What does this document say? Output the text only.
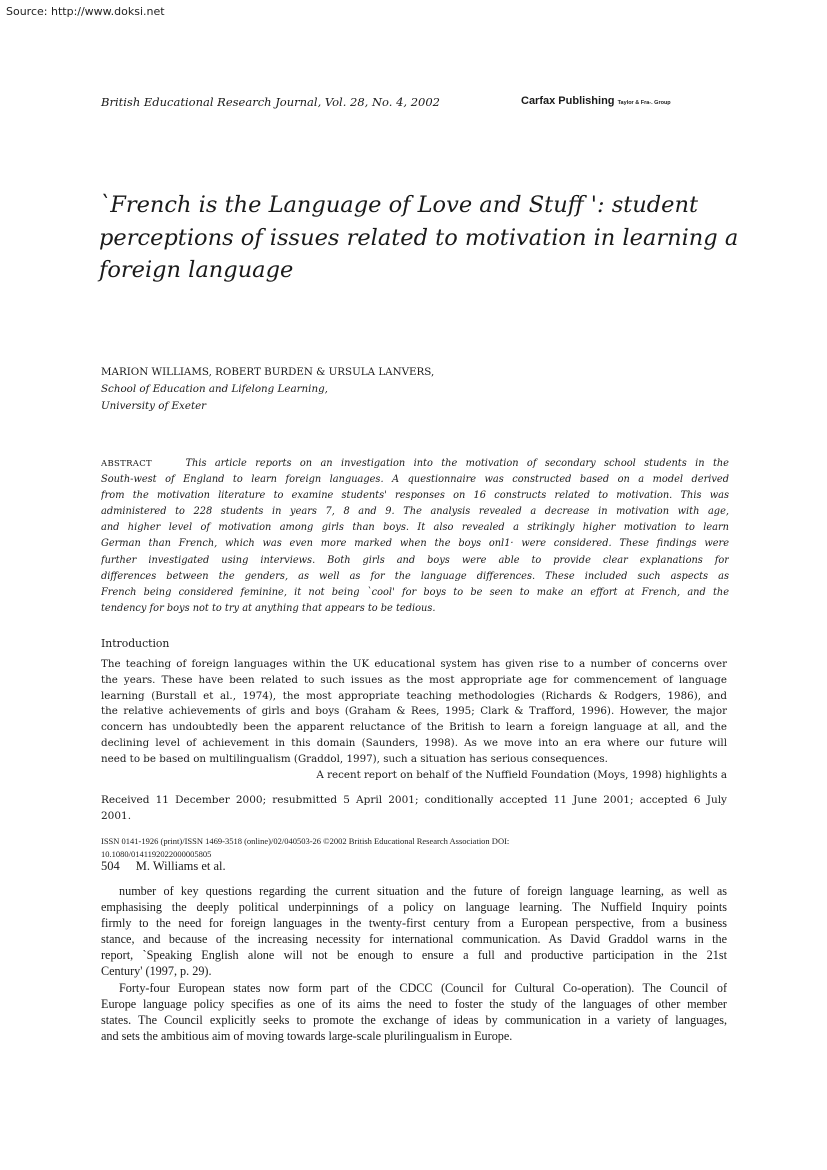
Source: http://www.doksi.net
British Educational Research Journal, Vol. 28, No. 4, 2002	Carfax Publishing Taylor & Fra-. Group
`French is the Language of Love and Stuff ': student
perceptions of issues related to motivation in learning a
foreign language
MARION WILLIAMS, ROBERT BURDEN & URSULA LANVERS,
School of Education and Lifelong Learning,
University of Exeter
ABSTRACT	This article reports on an investigation into the motivation of secondary school students in the
South-west of England to learn foreign languages. A questionnaire was constructed based on a model derived
from the motivation literature to examine students' responses on 16 constructs related to motivation. This was
administered to 228 students in years 7, 8 and 9. The analysis revealed a decrease in motivation with age,
and higher level of motivation among girls than boys. It also revealed a strikingly higher motivation to learn
German than French, which was even more marked when the boys onl1· were considered. These findings were
further investigated using interviews. Both girls and boys were able to provide clear explanations for
differences between the genders, as well as for the language differences. These included such aspects as
French being considered feminine, it not being `cool' for boys to be seen to make an effort at French, and the
tendency for boys not to try at anything that appears to be tedious.
Introduction
The teaching of foreign languages within the UK educational system has given rise to a number of concerns over
the years. These have been related to such issues as the most appropriate age for commencement of language
learning (Burstall et al., 1974), the most appropriate teaching methodologies (Richards & Rodgers, 1986), and
the relative achievements of girls and boys (Graham & Rees, 1995; Clark & Trafford, 1996). However, the major
concern has undoubtedly been the apparent reluctance of the British to learn a foreign language at all, and the
declining level of achievement in this domain (Saunders, 1998). As we move into an era where our future will
need to be based on multilingualism (Graddol, 1997), such a situation has serious consequences.
A recent report on behalf of the Nuffield Foundation (Moys, 1998) highlights a
Received 11 December 2000; resubmitted 5 April 2001; conditionally accepted 11 June 2001; accepted 6 July
2001.
ISSN 0141-1926 (print)/ISSN 1469-3518 (online)/02/040503-26 ©2002 British Educational Research Association DOI:
10.1080/0141192022000005805
504 M. Williams et al.
number of key questions regarding the current situation and the future of foreign language learning, as well as
emphasising the deeply political underpinnings of a policy on language learning. The Nuffield Inquiry points
firmly to the need for foreign languages in the twenty-first century from a European perspective, from a business
stance, and because of the increasing necessity for international communication. As David Graddol warns in the
report, `Speaking English alone will not be enough to ensure a full and productive participation in the 21st
Century' (1997, p. 29).
Forty-four European states now form part of the CDCC (Council for Cultural Co-operation). The Council of
Europe language policy specifies as one of its aims the need to foster the study of the languages of other member
states. The Council explicitly seeks to promote the exchange of ideas by communication in a variety of languages,
and sets the ambitious aim of moving towards large-scale plurilingualism in Europe.
